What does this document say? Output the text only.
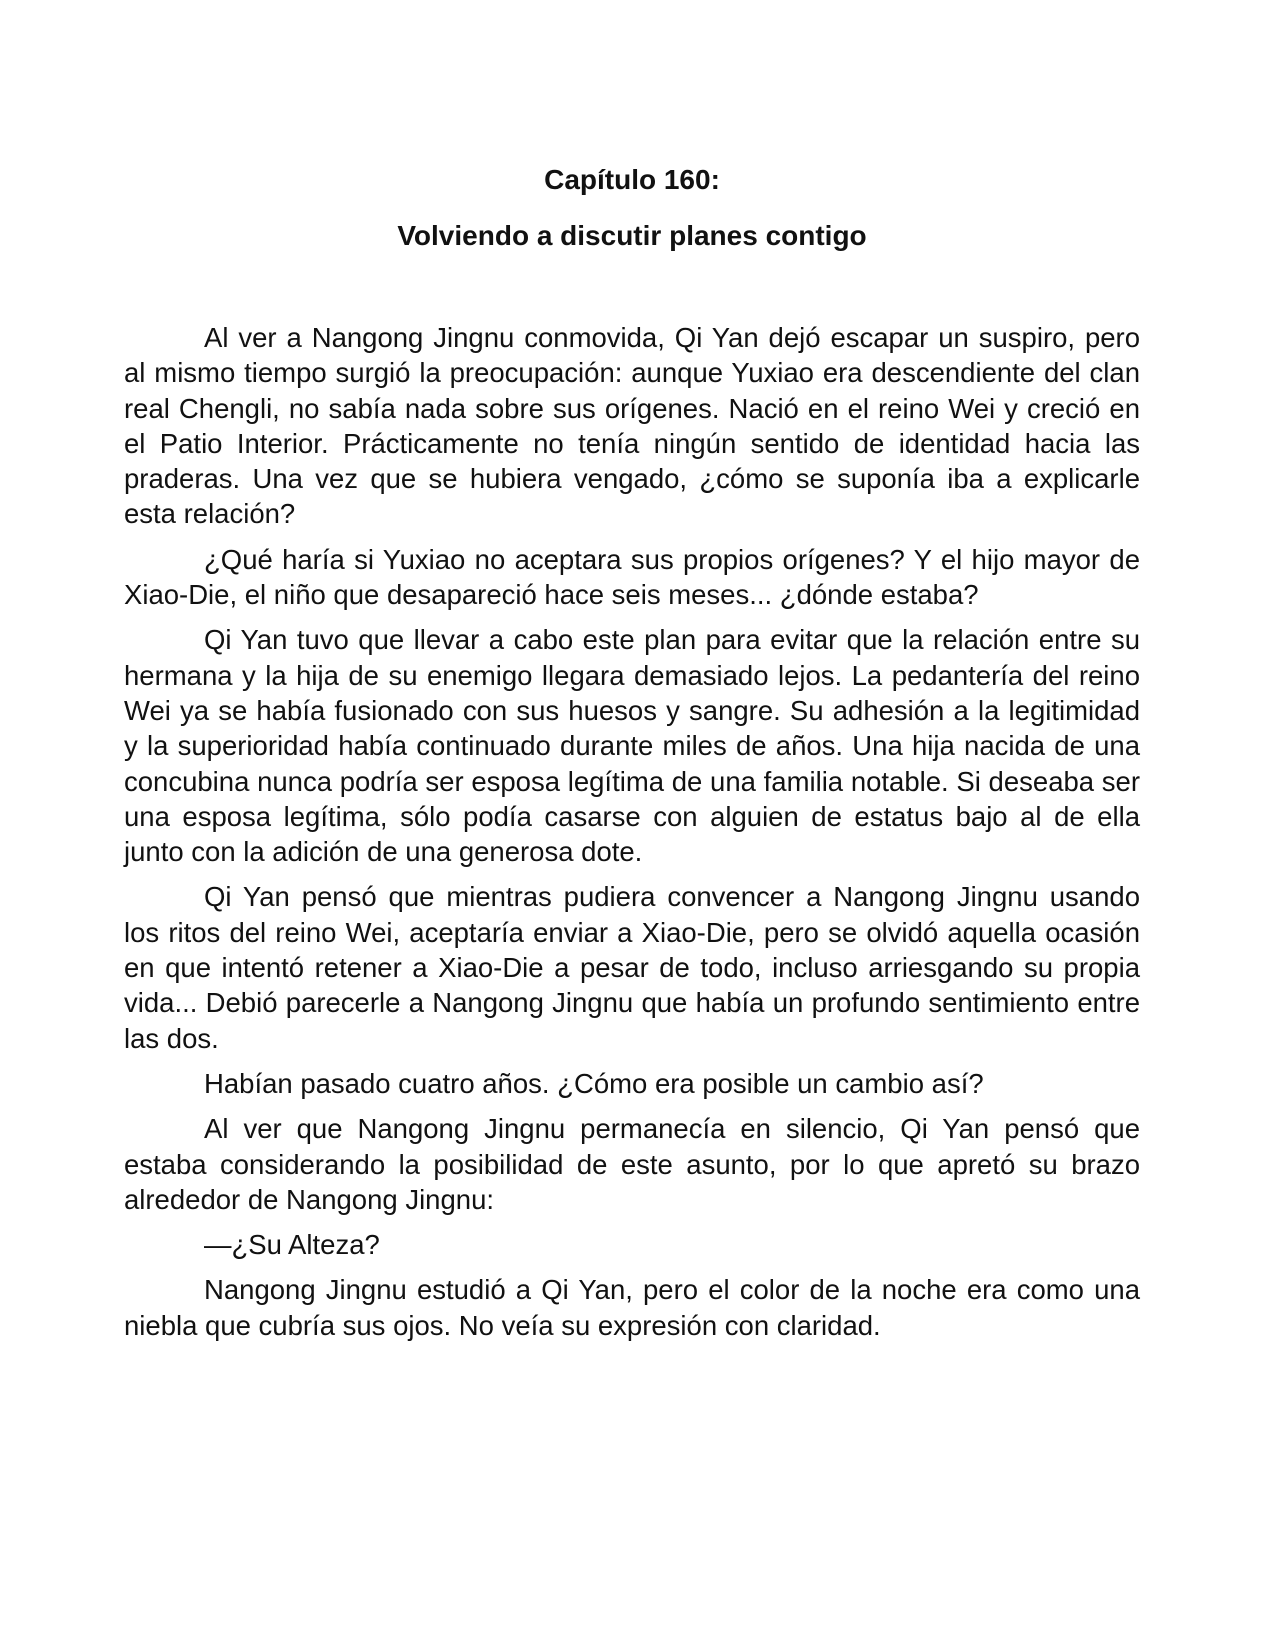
Capítulo 160:
Volviendo a discutir planes contigo

Al ver a Nangong Jingnu conmovida, Qi Yan dejó escapar un suspiro, pero al mismo tiempo surgió la preocupación: aunque Yuxiao era descendiente del clan real Chengli, no sabía nada sobre sus orígenes. Nació en el reino Wei y creció en el Patio Interior. Prácticamente no tenía ningún sentido de identidad hacia las praderas. Una vez que se hubiera vengado, ¿cómo se suponía iba a explicarle esta relación?

¿Qué haría si Yuxiao no aceptara sus propios orígenes? Y el hijo mayor de Xiao-Die, el niño que desapareció hace seis meses... ¿dónde estaba?

Qi Yan tuvo que llevar a cabo este plan para evitar que la relación entre su hermana y la hija de su enemigo llegara demasiado lejos. La pedantería del reino Wei ya se había fusionado con sus huesos y sangre. Su adhesión a la legitimidad y la superioridad había continuado durante miles de años. Una hija nacida de una concubina nunca podría ser esposa legítima de una familia notable. Si deseaba ser una esposa legítima, sólo podía casarse con alguien de estatus bajo al de ella junto con la adición de una generosa dote.

Qi Yan pensó que mientras pudiera convencer a Nangong Jingnu usando los ritos del reino Wei, aceptaría enviar a Xiao-Die, pero se olvidó aquella ocasión en que intentó retener a Xiao-Die a pesar de todo, incluso arriesgando su propia vida... Debió parecerle a Nangong Jingnu que había un profundo sentimiento entre las dos.

Habían pasado cuatro años. ¿Cómo era posible un cambio así?

Al ver que Nangong Jingnu permanecía en silencio, Qi Yan pensó que estaba considerando la posibilidad de este asunto, por lo que apretó su brazo alrededor de Nangong Jingnu:

—¿Su Alteza?

Nangong Jingnu estudió a Qi Yan, pero el color de la noche era como una niebla que cubría sus ojos. No veía su expresión con claridad.
